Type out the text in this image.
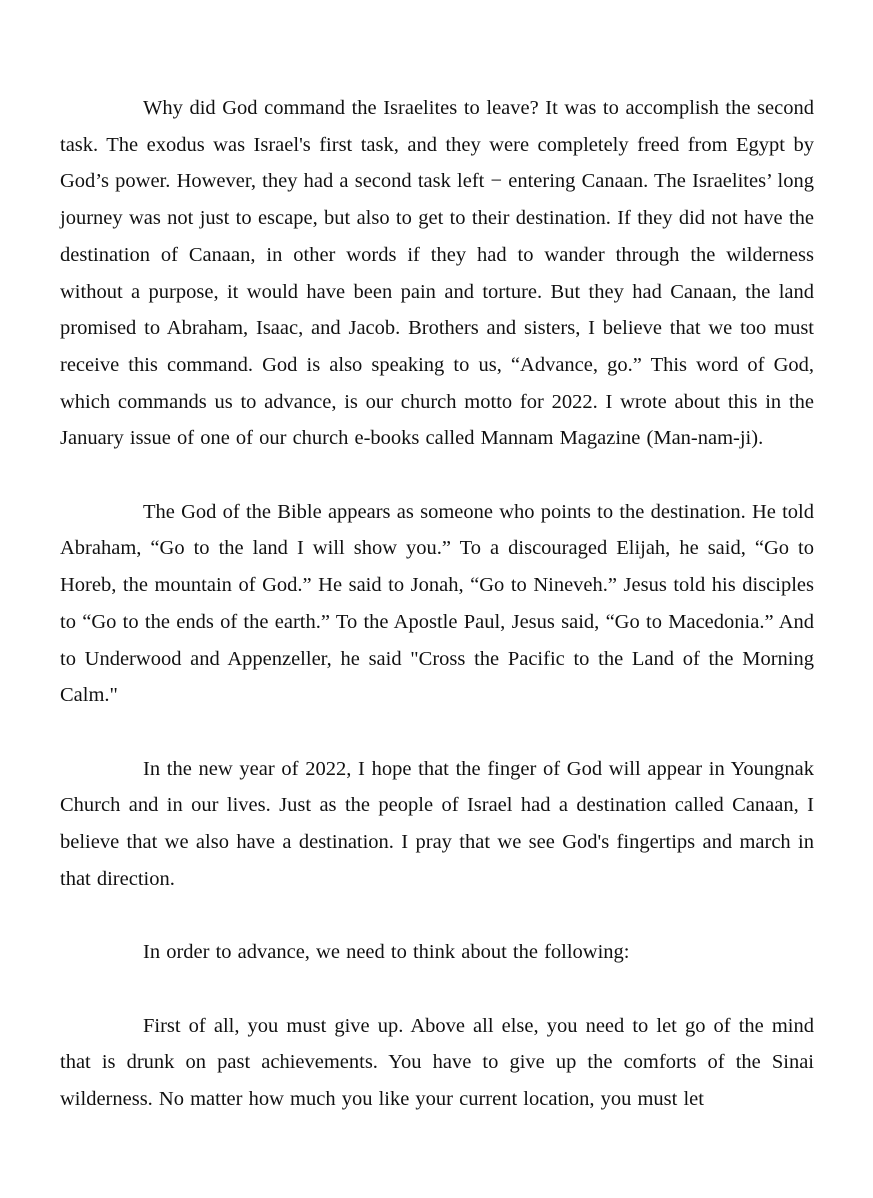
Why did God command the Israelites to leave? It was to accomplish the second task. The exodus was Israel's first task, and they were completely freed from Egypt by God’s power. However, they had a second task left − entering Canaan. The Israelites’ long journey was not just to escape, but also to get to their destination. If they did not have the destination of Canaan, in other words if they had to wander through the wilderness without a purpose, it would have been pain and torture. But they had Canaan, the land promised to Abraham, Isaac, and Jacob. Brothers and sisters, I believe that we too must receive this command. God is also speaking to us, “Advance, go.” This word of God, which commands us to advance, is our church motto for 2022. I wrote about this in the January issue of one of our church e-books called Mannam Magazine (Man-nam-ji).

The God of the Bible appears as someone who points to the destination. He told Abraham, “Go to the land I will show you.” To a discouraged Elijah, he said, “Go to Horeb, the mountain of God.” He said to Jonah, “Go to Nineveh.” Jesus told his disciples to “Go to the ends of the earth.” To the Apostle Paul, Jesus said, “Go to Macedonia.” And to Underwood and Appenzeller, he said "Cross the Pacific to the Land of the Morning Calm."

In the new year of 2022, I hope that the finger of God will appear in Youngnak Church and in our lives. Just as the people of Israel had a destination called Canaan, I believe that we also have a destination. I pray that we see God's fingertips and march in that direction.

In order to advance, we need to think about the following:

First of all, you must give up. Above all else, you need to let go of the mind that is drunk on past achievements. You have to give up the comforts of the Sinai wilderness. No matter how much you like your current location, you must let
